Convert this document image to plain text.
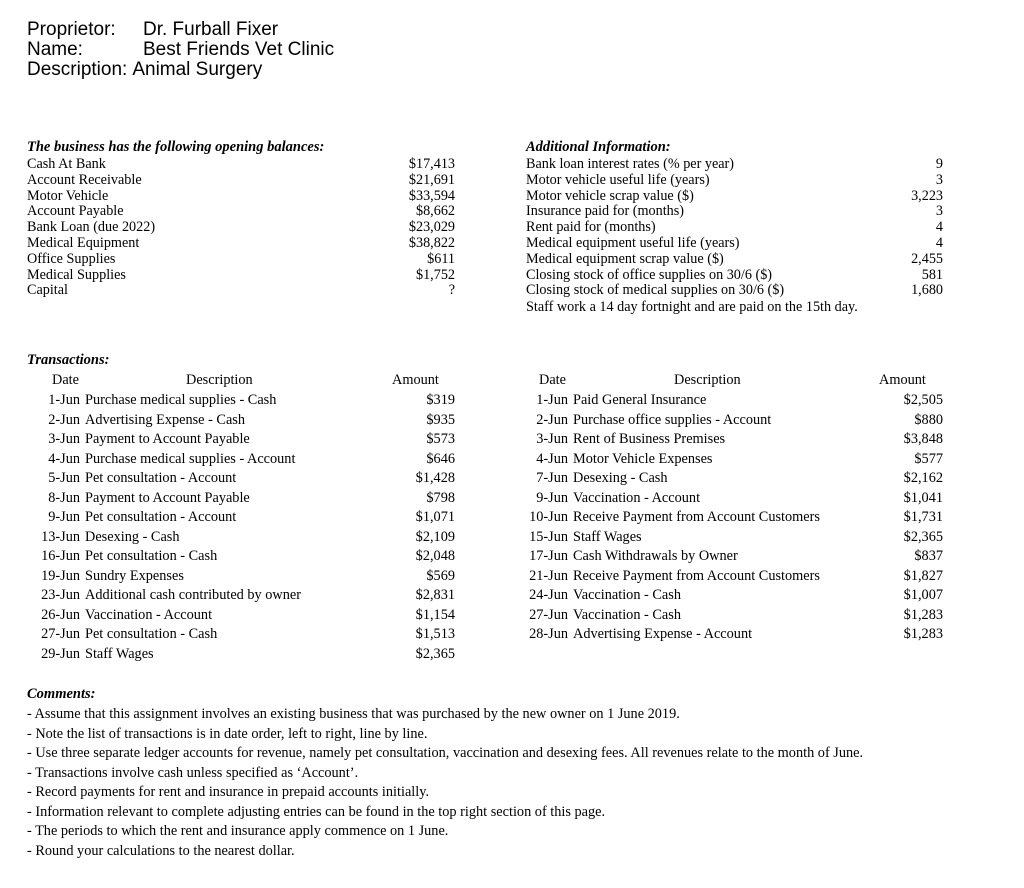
Proprietor:	Dr. Furball Fixer
Name:	Best Friends Vet Clinic
Description: Animal Surgery
The business has the following opening balances:
Cash At Bank	$17,413
Account Receivable	$21,691
Motor Vehicle	$33,594
Account Payable	$8,662
Bank Loan (due 2022)	$23,029
Medical Equipment	$38,822
Office Supplies	$611
Medical Supplies	$1,752
Capital	?
Additional Information:
Bank loan interest rates (% per year)	9
Motor vehicle useful life (years)	3
Motor vehicle scrap value ($)	3,223
Insurance paid for (months)	3
Rent paid for (months)	4
Medical equipment useful life (years)	4
Medical equipment scrap value ($)	2,455
Closing stock of office supplies on 30/6 ($)	581
Closing stock of medical supplies on 30/6 ($)	1,680
Staff work a 14 day fortnight and are paid on the 15th day.
Transactions:
Date	Description	Amount	Date	Description	Amount
1-Jun Purchase medical supplies - Cash	$319
2-Jun Advertising Expense - Cash	$935
3-Jun Payment to Account Payable	$573
4-Jun Purchase medical supplies - Account	$646
5-Jun Pet consultation - Account	$1,428
8-Jun Payment to Account Payable	$798
9-Jun Pet consultation - Account	$1,071
13-Jun Desexing - Cash	$2,109
16-Jun Pet consultation - Cash	$2,048
19-Jun Sundry Expenses	$569
23-Jun Additional cash contributed by owner	$2,831
26-Jun Vaccination - Account	$1,154
27-Jun Pet consultation - Cash	$1,513
29-Jun Staff Wages	$2,365
1-Jun Paid General Insurance	$2,505
2-Jun Purchase office supplies - Account	$880
3-Jun Rent of Business Premises	$3,848
4-Jun Motor Vehicle Expenses	$577
7-Jun Desexing - Cash	$2,162
9-Jun Vaccination - Account	$1,041
10-Jun Receive Payment from Account Customers	$1,731
15-Jun Staff Wages	$2,365
17-Jun Cash Withdrawals by Owner	$837
21-Jun Receive Payment from Account Customers	$1,827
24-Jun Vaccination - Cash	$1,007
27-Jun Vaccination - Cash	$1,283
28-Jun Advertising Expense - Account	$1,283
Comments:
- Assume that this assignment involves an existing business that was purchased by the new owner on 1 June 2019.
- Note the list of transactions is in date order, left to right, line by line.
- Use three separate ledger accounts for revenue, namely pet consultation, vaccination and desexing fees. All revenues relate to the month of June.
- Transactions involve cash unless specified as ‘Account’.
- Record payments for rent and insurance in prepaid accounts initially.
- Information relevant to complete adjusting entries can be found in the top right section of this page.
- The periods to which the rent and insurance apply commence on 1 June.
- Round your calculations to the nearest dollar.
